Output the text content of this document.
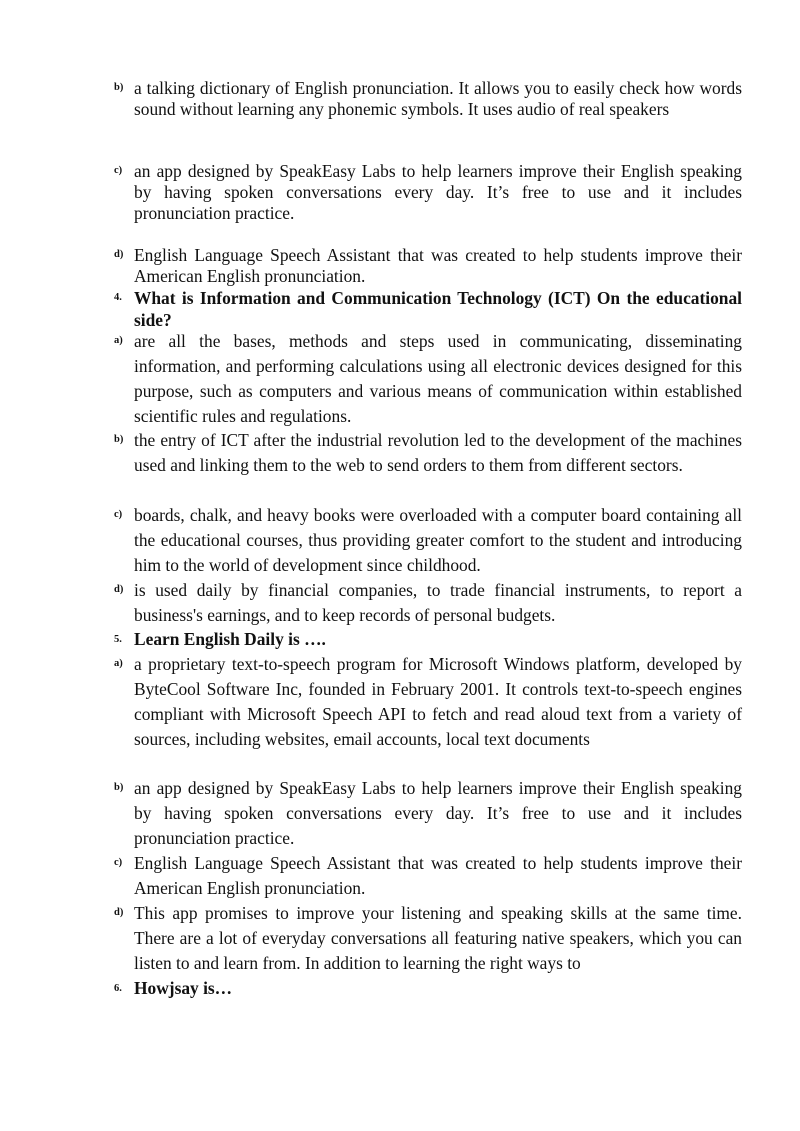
b) a talking dictionary of English pronunciation. It allows you to easily check how words sound without learning any phonemic symbols. It uses audio of real speakers
c) an app designed by SpeakEasy Labs to help learners improve their English speaking by having spoken conversations every day. It’s free to use and it includes pronunciation practice.
d) English Language Speech Assistant that was created to help students improve their American English pronunciation.
4. What is Information and Communication Technology (ICT) On the educational side?
a) are all the bases, methods and steps used in communicating, disseminating information, and performing calculations using all electronic devices designed for this purpose, such as computers and various means of communication within established scientific rules and regulations.
b) the entry of ICT after the industrial revolution led to the development of the machines used and linking them to the web to send orders to them from different sectors.
c) boards, chalk, and heavy books were overloaded with a computer board containing all the educational courses, thus providing greater comfort to the student and introducing him to the world of development since childhood.
d) is used daily by financial companies, to trade financial instruments, to report a business's earnings, and to keep records of personal budgets.
5. Learn English Daily is ….
a) a proprietary text-to-speech program for Microsoft Windows platform, developed by ByteCool Software Inc, founded in February 2001. It controls text-to-speech engines compliant with Microsoft Speech API to fetch and read aloud text from a variety of sources, including websites, email accounts, local text documents
b) an app designed by SpeakEasy Labs to help learners improve their English speaking by having spoken conversations every day. It’s free to use and it includes pronunciation practice.
c) English Language Speech Assistant that was created to help students improve their American English pronunciation.
d) This app promises to improve your listening and speaking skills at the same time. There are a lot of everyday conversations all featuring native speakers, which you can listen to and learn from. In addition to learning the right ways to
6. Howjsay is…
